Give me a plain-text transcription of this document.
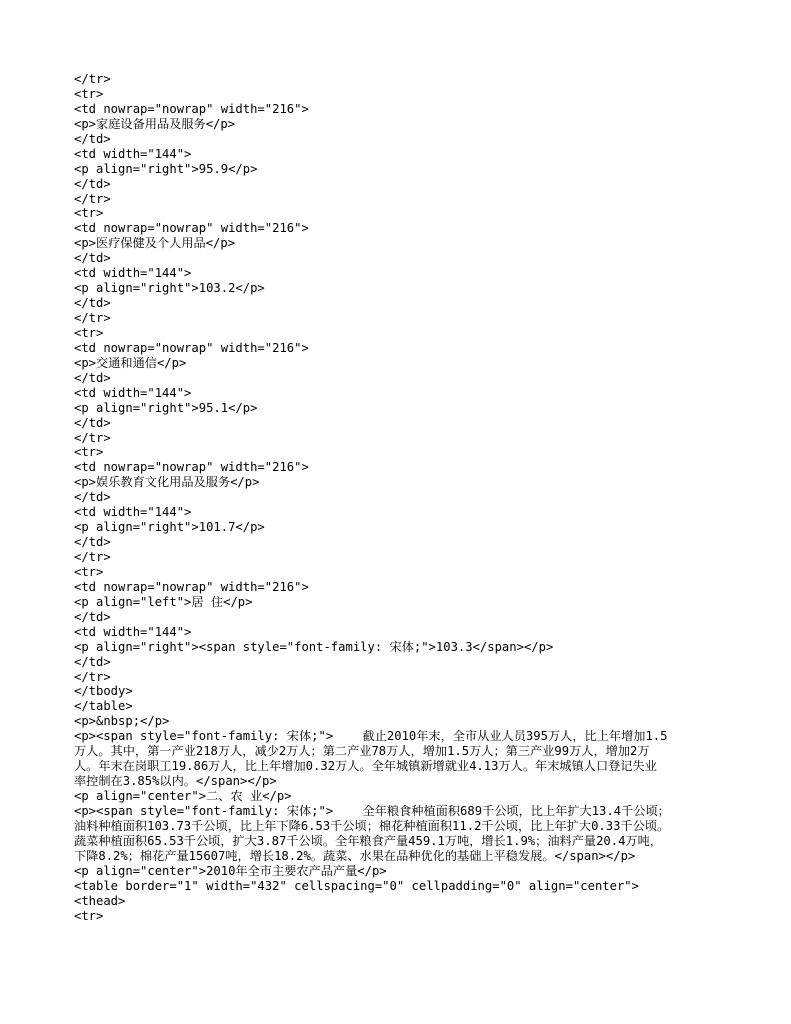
</tr>
<tr>
<td nowrap="nowrap" width="216">
<p>家庭设备用品及服务</p>
</td>
<td width="144">
<p align="right">95.9</p>
</td>
</tr>
<tr>
<td nowrap="nowrap" width="216">
<p>医疗保健及个人用品</p>
</td>
<td width="144">
<p align="right">103.2</p>
</td>
</tr>
<tr>
<td nowrap="nowrap" width="216">
<p>交通和通信</p>
</td>
<td width="144">
<p align="right">95.1</p>
</td>
</tr>
<tr>
<td nowrap="nowrap" width="216">
<p>娱乐教育文化用品及服务</p>
</td>
<td width="144">
<p align="right">101.7</p>
</td>
</tr>
<tr>
<td nowrap="nowrap" width="216">
<p align="left">居 住</p>
</td>
<td width="144">
<p align="right"><span style="font-family: 宋体;">103.3</span></p>
</td>
</tr>
</tbody>
</table>
<p>&nbsp;</p>
<p><span style="font-family: 宋体;">    截止2010年末，全市从业人员395万人，比上年增加1.5
万人。其中，第一产业218万人，减少2万人；第二产业78万人，增加1.5万人；第三产业99万人，增加2万
人。年末在岗职工19.86万人，比上年增加0.32万人。全年城镇新增就业4.13万人。年末城镇人口登记失业
率控制在3.85%以内。</span></p>
<p align="center">二、农 业</p>
<p><span style="font-family: 宋体;">    全年粮食种植面积689千公顷，比上年扩大13.4千公顷；
油料种植面积103.73千公顷，比上年下降6.53千公顷；棉花种植面积11.2千公顷，比上年扩大0.33千公顷。
蔬菜种植面积65.53千公顷，扩大3.87千公顷。全年粮食产量459.1万吨，增长1.9%；油料产量20.4万吨，
下降8.2%；棉花产量15607吨，增长18.2%。蔬菜、水果在品种优化的基础上平稳发展。</span></p>
<p align="center">2010年全市主要农产品产量</p>
<table border="1" width="432" cellspacing="0" cellpadding="0" align="center">
<thead>
<tr>
